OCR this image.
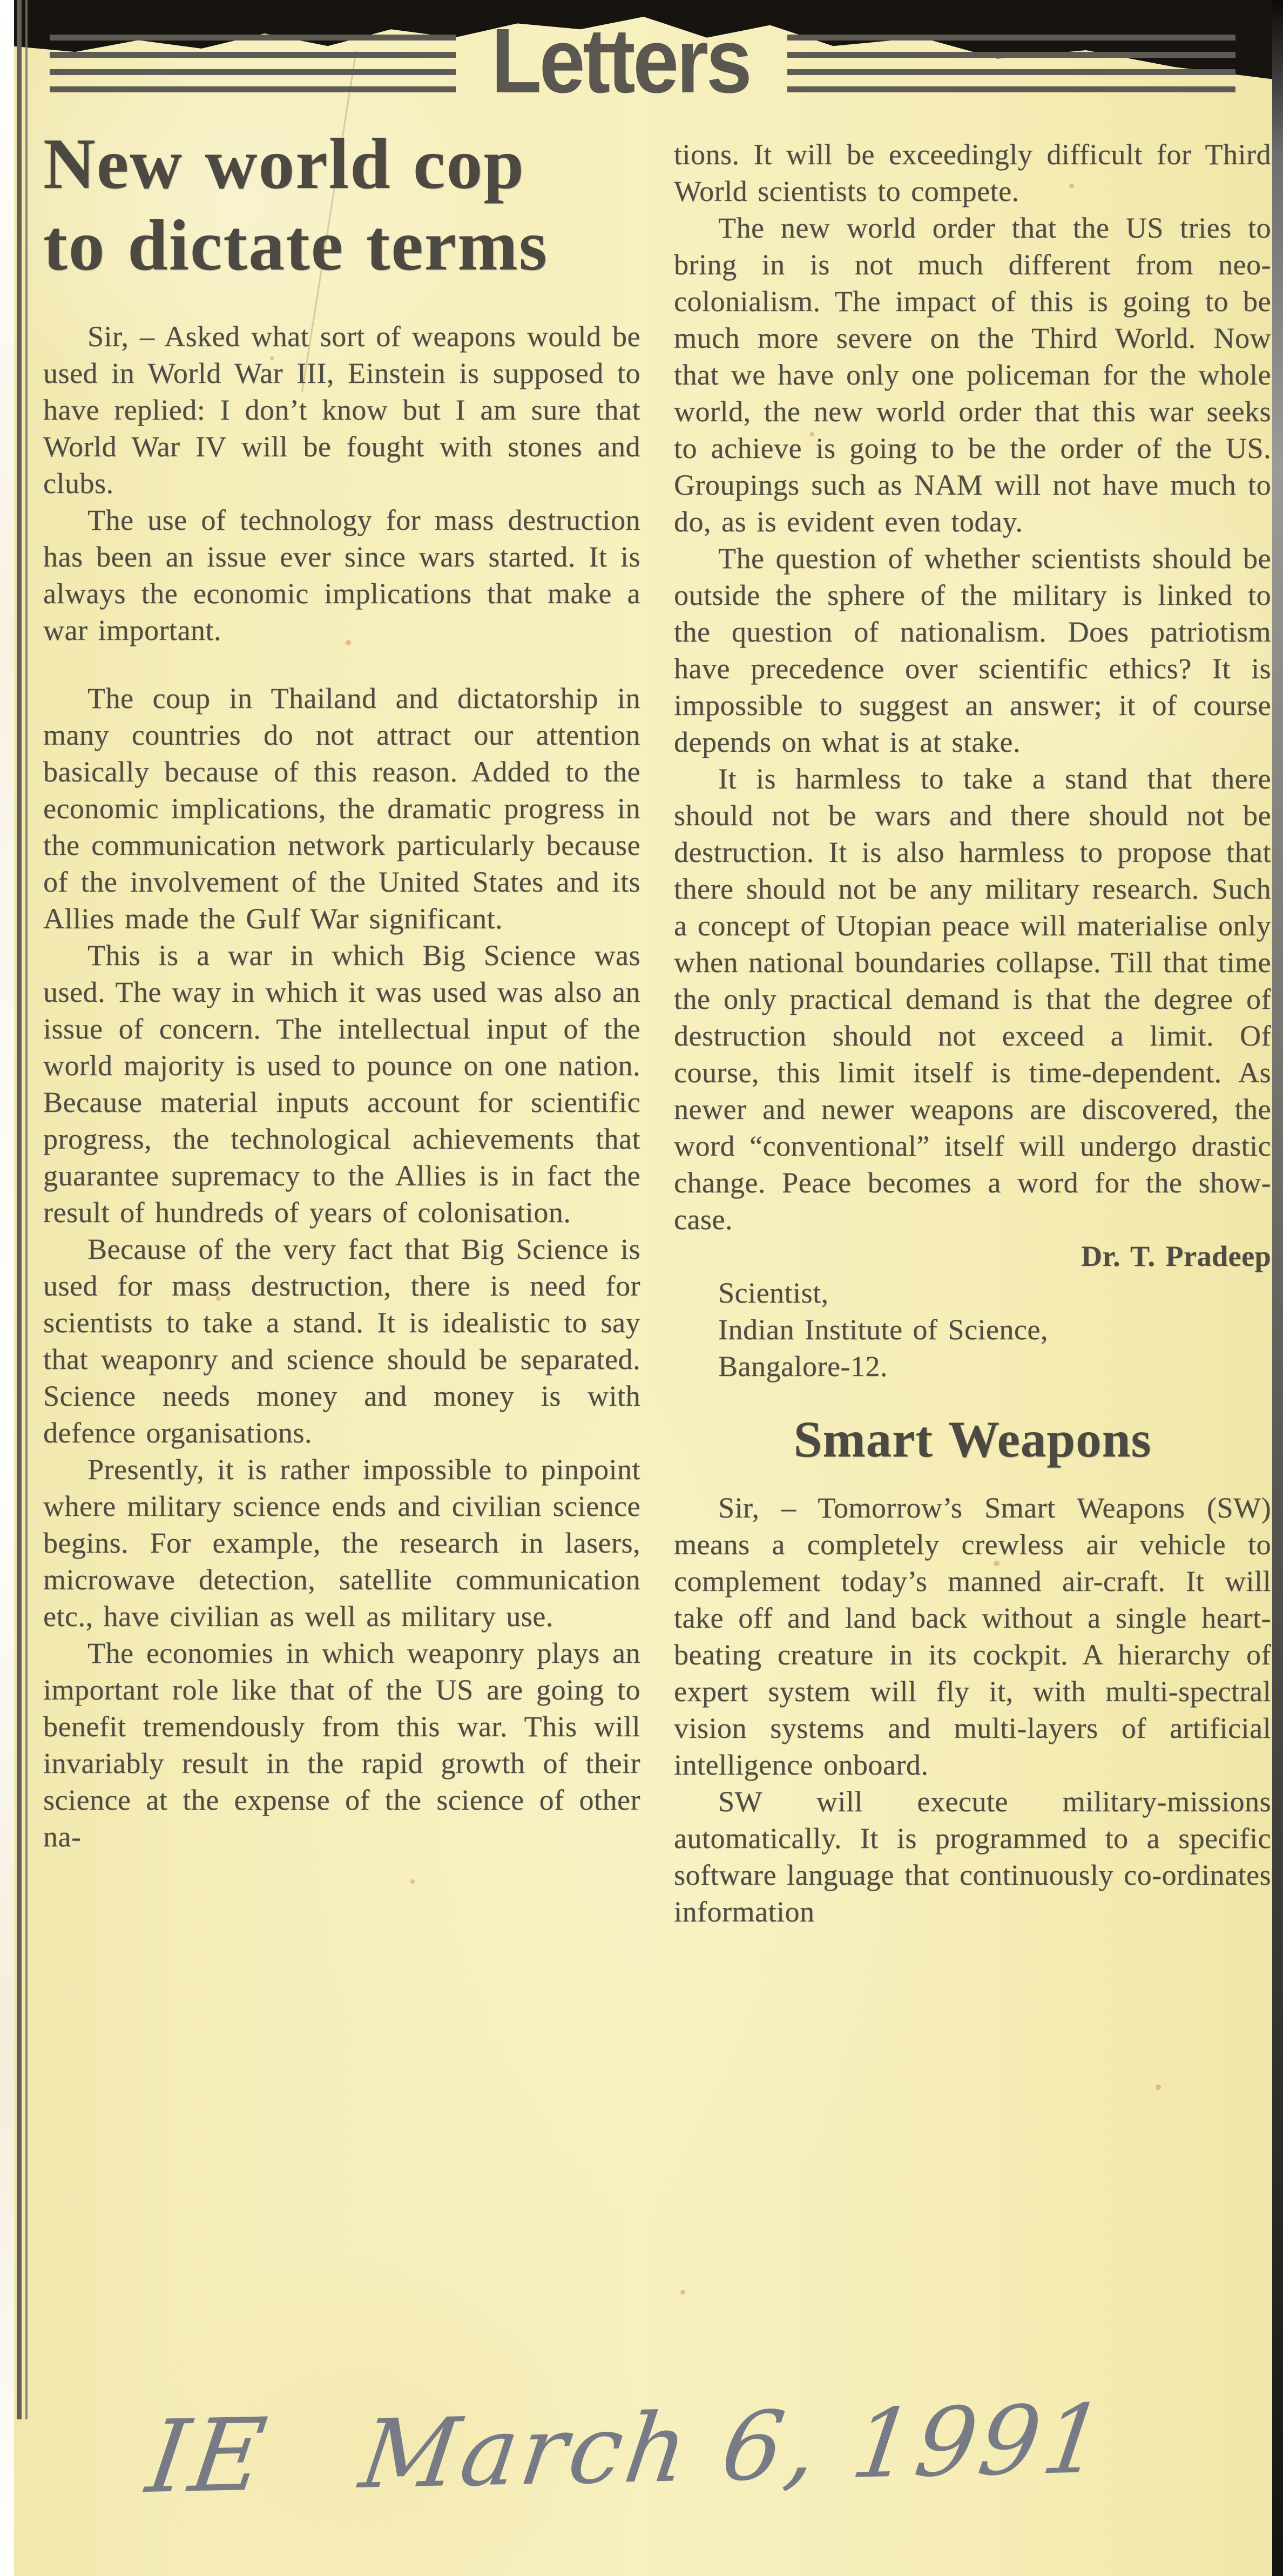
Letters
New world cop
to dictate terms

Sir, – Asked what sort of weapons would be used in World War III, Einstein is supposed to have replied: I don’t know but I am sure that World War IV will be fought with stones and clubs.

The use of technology for mass destruction has been an issue ever since wars started. It is always the economic implications that make a war important.

The coup in Thailand and dictatorship in many countries do not attract our attention basically because of this reason. Added to the economic implications, the dramatic progress in the communication network particularly because of the involvement of the United States and its Allies made the Gulf War significant.

This is a war in which Big Science was used. The way in which it was used was also an issue of concern. The intellectual input of the world majority is used to pounce on one nation. Because material inputs account for scientific progress, the technological achievements that guarantee supremacy to the Allies is in fact the result of hundreds of years of colonisation.

Because of the very fact that Big Science is used for mass destruction, there is need for scientists to take a stand. It is idealistic to say that weaponry and science should be separated. Science needs money and money is with defence organisations.

Presently, it is rather impossible to pinpoint where military science ends and civilian science begins. For example, the research in lasers, microwave detection, satellite communication etc., have civilian as well as military use.

The economies in which weaponry plays an important role like that of the US are going to benefit tremendously from this war. This will invariably result in the rapid growth of their science at the expense of the science of other na-

tions. It will be exceedingly difficult for Third World scientists to compete.

The new world order that the US tries to bring in is not much different from neo-colonialism. The impact of this is going to be much more severe on the Third World. Now that we have only one policeman for the whole world, the new world order that this war seeks to achieve is going to be the order of the US. Groupings such as NAM will not have much to do, as is evident even today.

The question of whether scientists should be outside the sphere of the military is linked to the question of nationalism. Does patriotism have precedence over scientific ethics? It is impossible to suggest an answer; it of course depends on what is at stake.

It is harmless to take a stand that there should not be wars and there should not be destruction. It is also harmless to propose that there should not be any military research. Such a concept of Utopian peace will materialise only when national boundaries collapse. Till that time the only practical demand is that the degree of destruction should not exceed a limit. Of course, this limit itself is time-dependent. As newer and newer weapons are discovered, the word “conventional” itself will undergo drastic change. Peace becomes a word for the show-case.

Dr. T. Pradeep

Scientist,

Indian Institute of Science,

Bangalore-12.

Smart Weapons

Sir, – Tomorrow’s Smart Weapons (SW) means a completely crewless air vehicle to complement today’s manned air-craft. It will take off and land back without a single heart-beating creature in its cockpit. A hierarchy of expert system will fly it, with multi-spectral vision systems and multi-layers of artificial intelligence onboard.

SW will execute military-missions automatically. It is programmed to a specific software language that continuously co-ordinates information

IE March 6, 1991
